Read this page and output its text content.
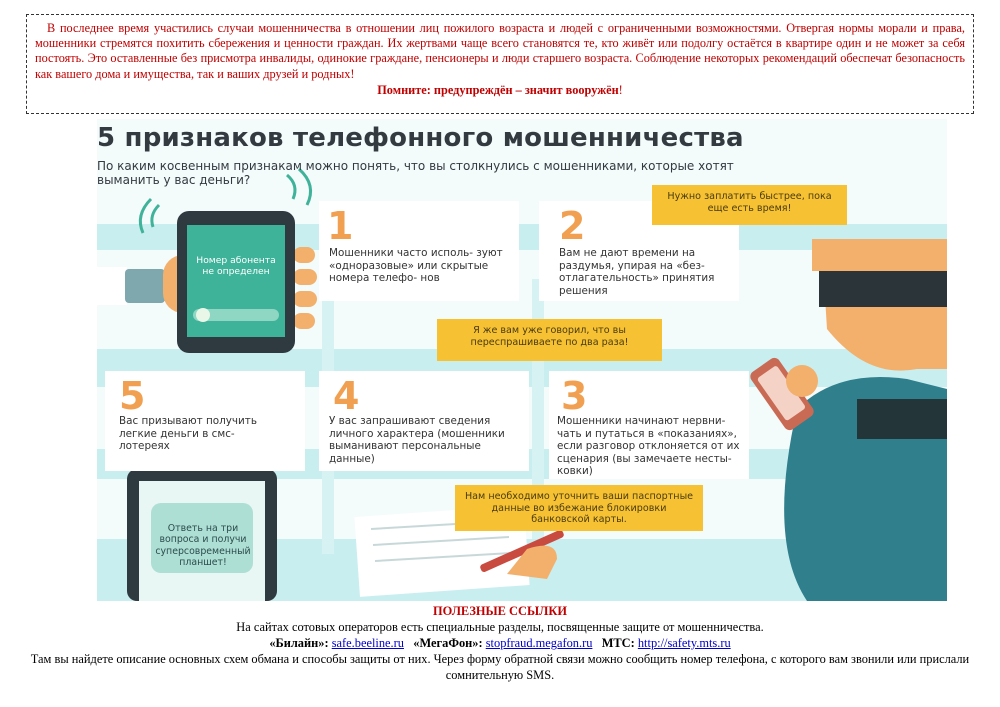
В последнее время участились случаи мошенничества в отношении лиц пожилого возраста и людей с ограниченными возможностями. Отвергая нормы морали и права, мошенники стремятся похитить сбережения и ценности граждан. Их жертвами чаще всего становятся те, кто живёт или подолгу остаётся в квартире один и не может за себя постоять. Это оставленные без присмотра инвалиды, одинокие граждане, пенсионеры и люди старшего возраста. Соблюдение некоторых рекомендаций обеспечат безопасность как вашего дома и имущества, так и ваших друзей и родных!
Помните: предупреждён – значит вооружён!
5 признаков телефонного мошенничества
По каким косвенным признакам можно понять, что вы столкнулись с мошенниками, которые хотят выманить у вас деньги?
1
Мошенники часто исполь- зуют «одноразовые» или скрытые номера телефо- нов
2
Вам не дают времени на раздумья, упирая на «без- отлагательность» принятия решения
5
Вас призывают получить легкие деньги в смс-лотереях
4
У вас запрашивают сведения личного характера (мошенники выманивают персональные данные)
3
Мошенники начинают нервни- чать и путаться в «показаниях», если разговор отклоняется от их сценария (вы замечаете несты- ковки)
Нужно заплатить быстрее, пока еще есть время!
Я же вам уже говорил, что вы переспрашиваете по два раза!
Нам необходимо уточнить ваши паспортные данные во избежание блокировки банковской карты.
Номер абонента не определен
Ответь на три вопроса и получи суперсовременный планшет!
ПОЛЕЗНЫЕ ССЫЛКИ
На сайтах сотовых операторов есть специальные разделы, посвященные защите от мошенничества.
«Билайн»: safe.beeline.ru «МегаФон»: stopfraud.megafon.ru МТС: http://safety.mts.ru
Там вы найдете описание основных схем обмана и способы защиты от них. Через форму обратной связи можно сообщить номер телефона, с которого вам звонили или прислали сомнительную SMS.
